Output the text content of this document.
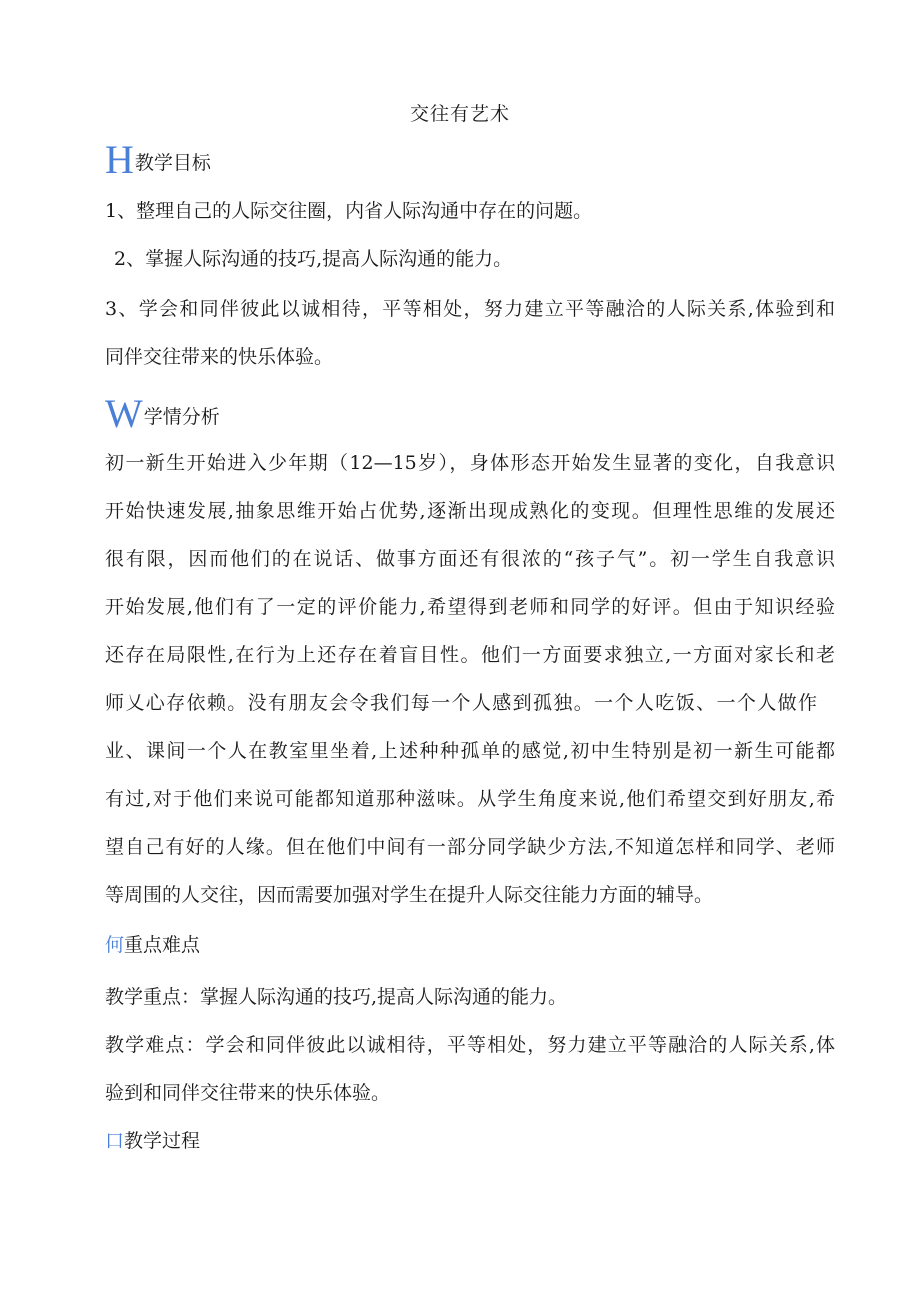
交往有艺术
H教学目标
1、整理自己的人际交往圈，内省人际沟通中存在的问题。
2、掌握人际沟通的技巧,提高人际沟通的能力。
3、学会和同伴彼此以诚相待，平等相处，努力建立平等融洽的人际关系,体验到和
同伴交往带来的快乐体验。
W学情分析
初一新生开始进入少年期（12—15岁），身体形态开始发生显著的变化，自我意识
开始快速发展,抽象思维开始占优势,逐渐出现成熟化的变现。但理性思维的发展还
很有限，因而他们的在说话、做事方面还有很浓的“孩子气”。初一学生自我意识
开始发展,他们有了一定的评价能力,希望得到老师和同学的好评。但由于知识经验
还存在局限性,在行为上还存在着盲目性。他们一方面要求独立,一方面对家长和老
师乂心存依赖。没有朋友会令我们每一个人感到孤独。一个人吃饭、一个人做作
业、课间一个人在教室里坐着,上述种种孤单的感觉,初中生特别是初一新生可能都
有过,对于他们来说可能都知道那种滋味。从学生角度来说,他们希望交到好朋友,希
望自己有好的人缘。但在他们中间有一部分同学缺少方法,不知道怎样和同学、老师
等周围的人交往，因而需要加强对学生在提升人际交往能力方面的辅导。
何重点难点
教学重点：掌握人际沟通的技巧,提高人际沟通的能力。
教学难点：学会和同伴彼此以诚相待，平等相处，努力建立平等融洽的人际关系,体
验到和同伴交往带来的快乐体验。
口教学过程
